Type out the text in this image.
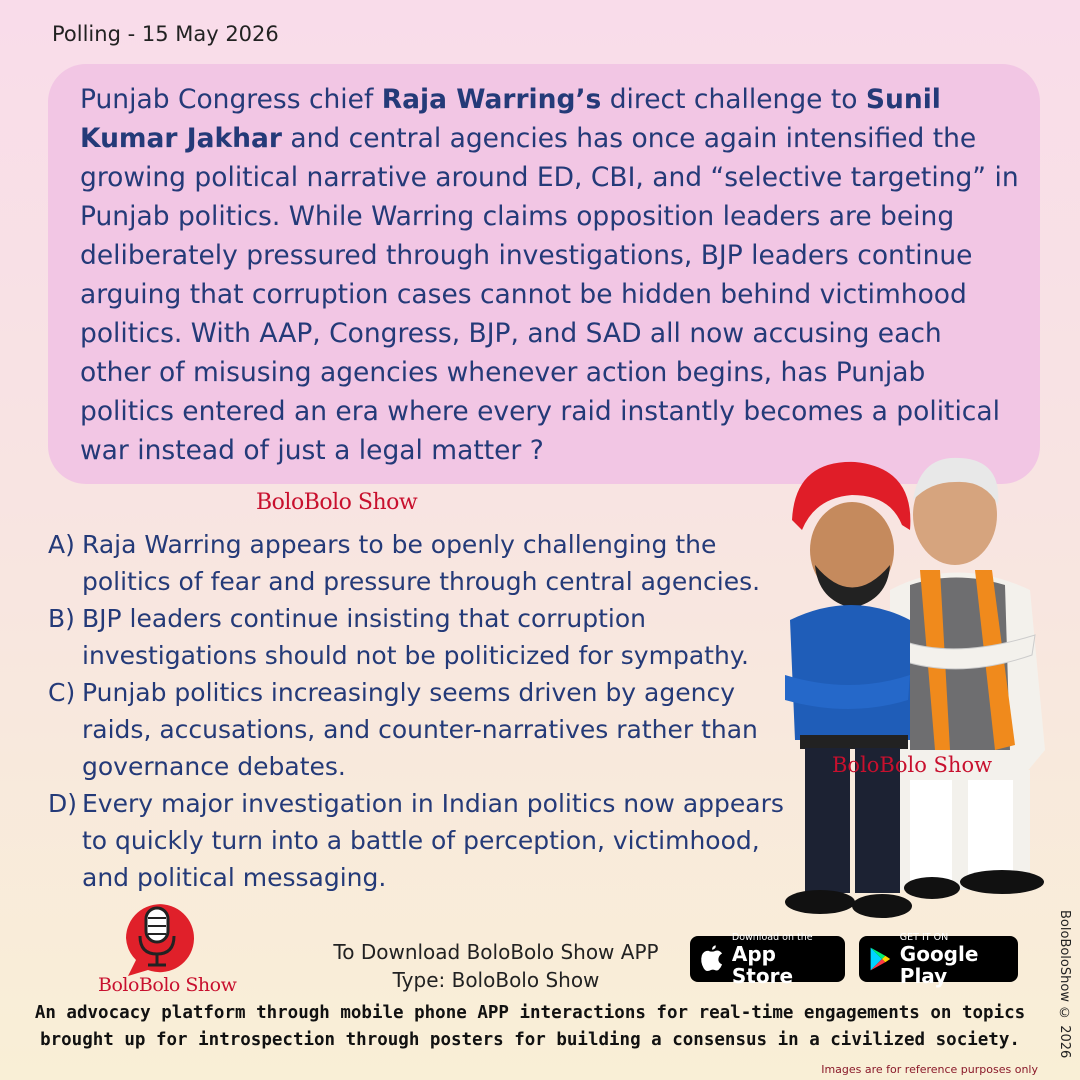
Polling - 15 May 2026

Punjab Congress chief Raja Warring’s direct challenge to Sunil Kumar Jakhar and central agencies has once again intensified the growing political narrative around ED, CBI, and “selective targeting” in Punjab politics. While Warring claims opposition leaders are being deliberately pressured through investigations, BJP leaders continue arguing that corruption cases cannot be hidden behind victimhood politics. With AAP, Congress, BJP, and SAD all now accusing each other of misusing agencies whenever action begins, has Punjab politics entered an era where every raid instantly becomes a political war instead of just a legal matter ?

BoloBolo Show

A) Raja Warring appears to be openly challenging the politics of fear and pressure through central agencies.

B) BJP leaders continue insisting that corruption investigations should not be politicized for sympathy.

C) Punjab politics increasingly seems driven by agency raids, accusations, and counter-narratives rather than governance debates.

D) Every major investigation in Indian politics now appears to quickly turn into a battle of perception, victimhood, and political messaging.

BoloBolo Show
BoloBolo Show
To Download BoloBolo Show APP
Type: BoloBolo Show
Download on the
App Store
GET IT ON
Google Play
An advocacy platform through mobile phone APP interactions for real-time engagements on topics
brought up for introspection through posters for building a consensus in a civilized society.	BoloBoloShow © 2026
Images are for reference purposes only
